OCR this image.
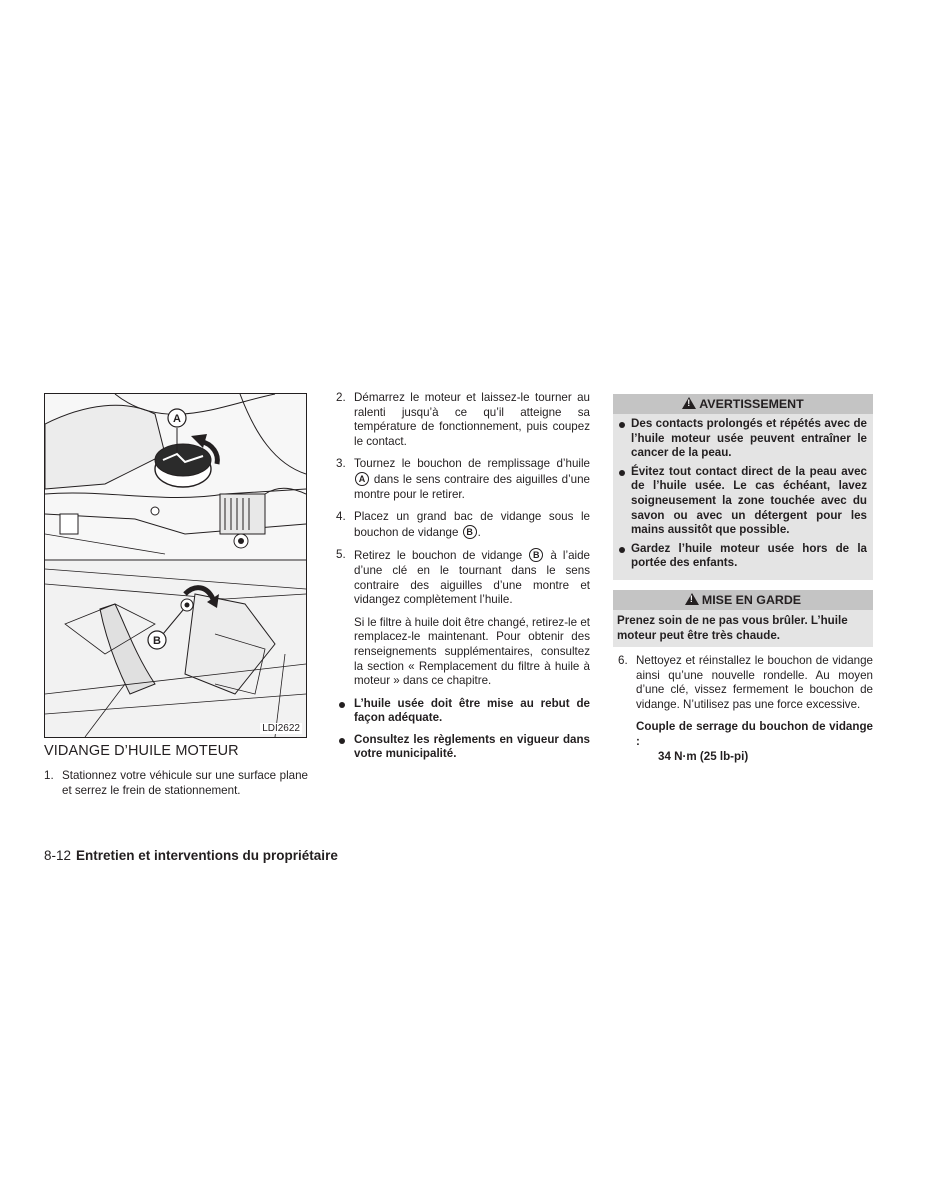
A
B
LDI2622
VIDANGE D’HUILE MOTEUR
1. Stationnez votre véhicule sur une surface plane et serrez le frein de stationnement.
2. Démarrez le moteur et laissez-le tourner au ralenti jusqu’à ce qu’il atteigne sa température de fonctionnement, puis coupez le contact.
3. Tournez le bouchon de remplissage d’huile A dans le sens contraire des aiguilles d’une montre pour le retirer.
4. Placez un grand bac de vidange sous le bouchon de vidange B .
5. Retirez le bouchon de vidange B à l’aide d’une clé en le tournant dans le sens contraire des aiguilles d’une montre et vidangez complètement l’huile.
Si le filtre à huile doit être changé, retirez-le et remplacez-le maintenant. Pour obtenir des renseignements supplémentaires, consultez la section « Remplacement du filtre à huile à moteur » dans ce chapitre.
L’huile usée doit être mise au rebut de façon adéquate.
Consultez les règlements en vigueur dans votre municipalité.
!AVERTISSEMENT
Des contacts prolongés et répétés avec de l’huile moteur usée peuvent entraîner le cancer de la peau.
Évitez tout contact direct de la peau avec de l’huile usée. Le cas échéant, lavez soigneusement la zone touchée avec du savon ou avec un détergent pour les mains aussitôt que possible.
Gardez l’huile moteur usée hors de la portée des enfants.
!MISE EN GARDE
Prenez soin de ne pas vous brûler. L’huile moteur peut être très chaude.
6. Nettoyez et réinstallez le bouchon de vidange ainsi qu’une nouvelle rondelle. Au moyen d’une clé, vissez fermement le bouchon de vidange. N’utilisez pas une force excessive.
Couple de serrage du bouchon de vidange :
34 N·m (25 lb-pi)
8-12 Entretien et interventions du propriétaire
